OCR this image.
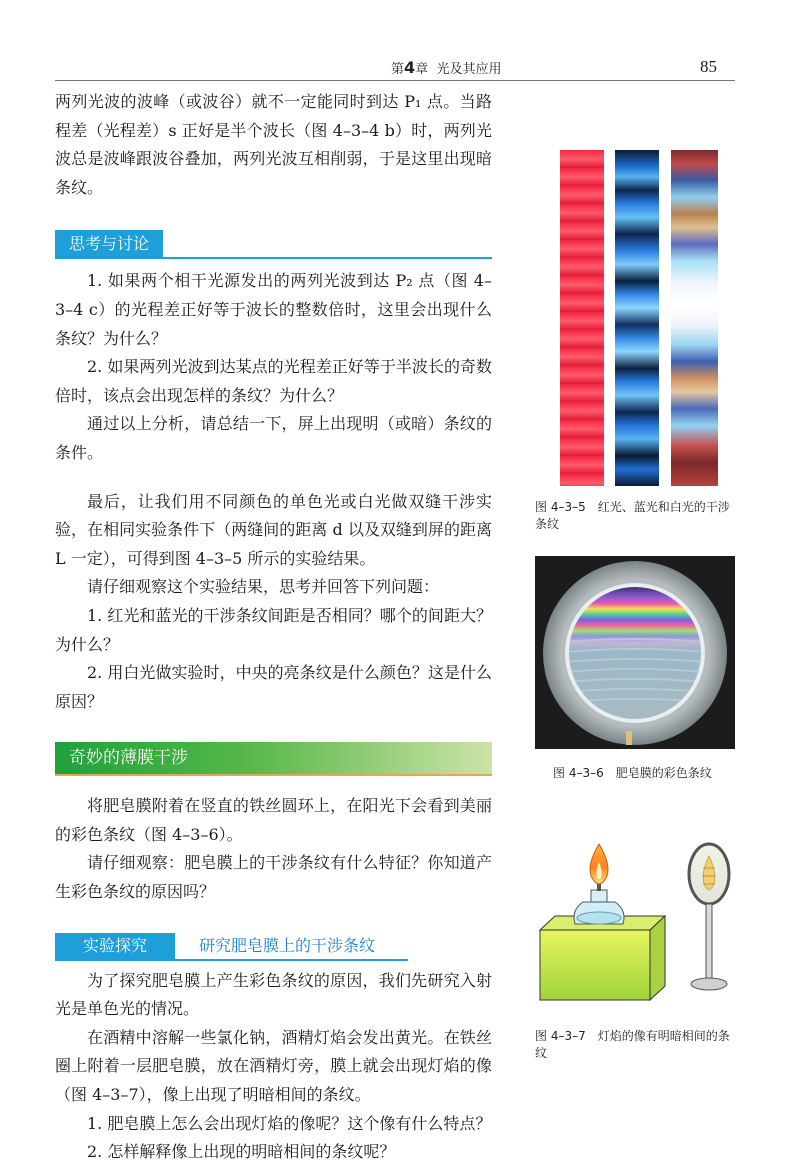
第4章 光及其应用	85

两列光波的波峰（或波谷）就不一定能同时到达 P₁ 点。当路程差（光程差）s 正好是半个波长（图 4–3–4 b）时，两列光波总是波峰跟波谷叠加，两列光波互相削弱，于是这里出现暗条纹。

思考与讨论

1. 如果两个相干光源发出的两列光波到达 P₂ 点（图 4–3–4 c）的光程差正好等于波长的整数倍时，这里会出现什么条纹？为什么？

2. 如果两列光波到达某点的光程差正好等于半波长的奇数倍时，该点会出现怎样的条纹？为什么？

通过以上分析，请总结一下，屏上出现明（或暗）条纹的条件。

最后，让我们用不同颜色的单色光或白光做双缝干涉实验，在相同实验条件下（两缝间的距离 d 以及双缝到屏的距离 L 一定），可得到图 4–3–5 所示的实验结果。

请仔细观察这个实验结果，思考并回答下列问题：

1. 红光和蓝光的干涉条纹间距是否相同？哪个的间距大？为什么？

2. 用白光做实验时，中央的亮条纹是什么颜色？这是什么原因？

奇妙的薄膜干涉

将肥皂膜附着在竖直的铁丝圆环上，在阳光下会看到美丽的彩色条纹（图 4–3–6）。

请仔细观察：肥皂膜上的干涉条纹有什么特征？你知道产生彩色条纹的原因吗？

实验探究	研究肥皂膜上的干涉条纹

为了探究肥皂膜上产生彩色条纹的原因，我们先研究入射光是单色光的情况。

在酒精中溶解一些氯化钠，酒精灯焰会发出黄光。在铁丝圈上附着一层肥皂膜，放在酒精灯旁，膜上就会出现灯焰的像（图 4–3–7），像上出现了明暗相间的条纹。

1. 肥皂膜上怎么会出现灯焰的像呢？这个像有什么特点？

2. 怎样解释像上出现的明暗相间的条纹呢？

图 4–3–5　红光、蓝光和白光的干涉条纹
图 4–3–6　肥皂膜的彩色条纹
图 4–3–7　灯焰的像有明暗相间的条纹
